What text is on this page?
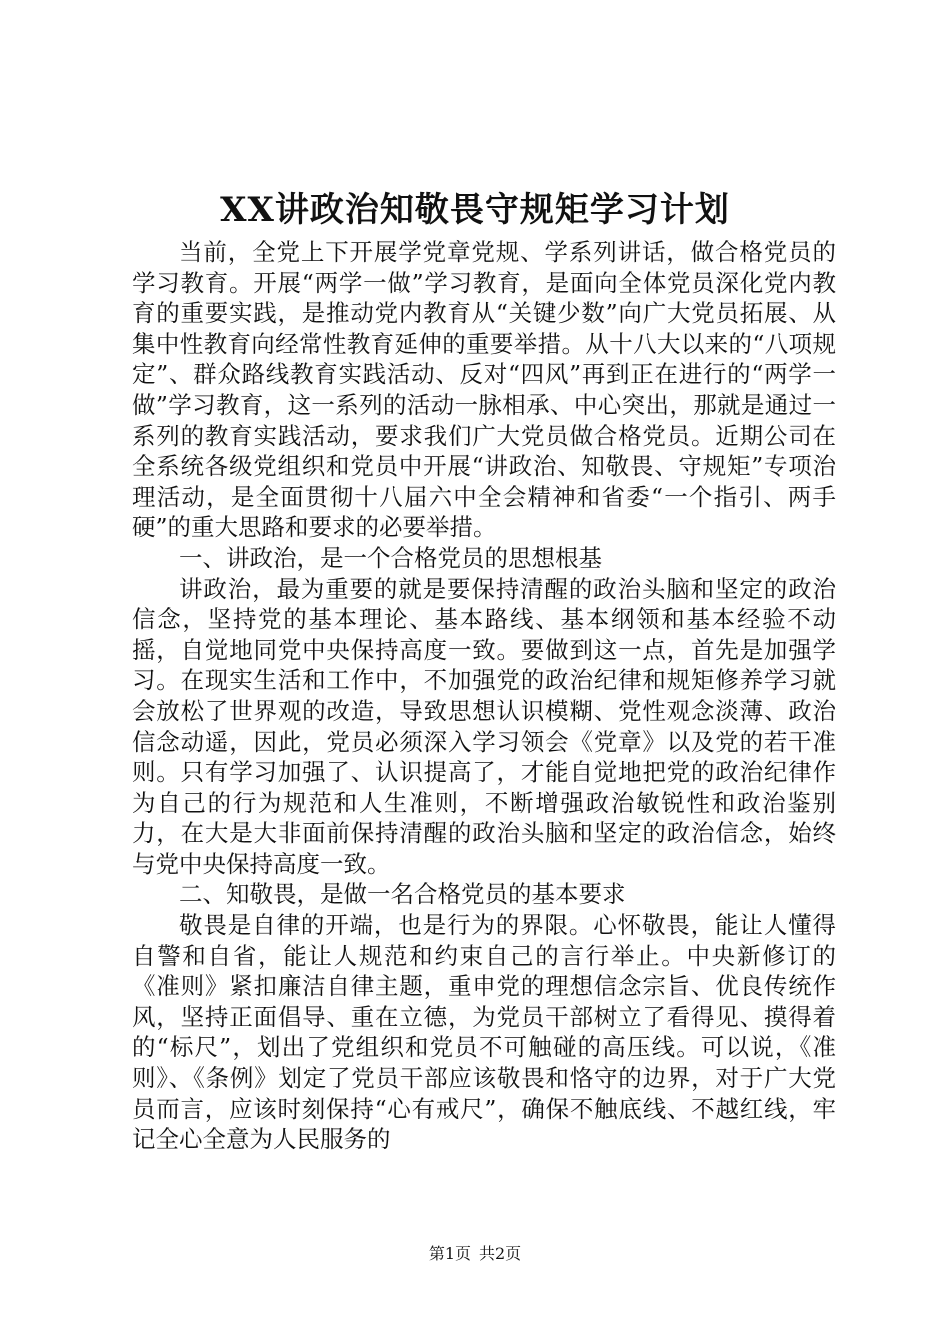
XX讲政治知敬畏守规矩学习计划

当前，全党上下开展学党章党规、学系列讲话，做合格党员的学习教育。开展“两学一做”学习教育，是面向全体党员深化党内教育的重要实践，是推动党内教育从“关键少数”向广大党员拓展、从集中性教育向经常性教育延伸的重要举措。从十八大以来的“八项规定”、群众路线教育实践活动、反对“四风”再到正在进行的“两学一做”学习教育，这一系列的活动一脉相承、中心突出，那就是通过一系列的教育实践活动，要求我们广大党员做合格党员。近期公司在全系统各级党组织和党员中开展“讲政治、知敬畏、守规矩”专项治理活动，是全面贯彻十八届六中全会精神和省委“一个指引、两手硬”的重大思路和要求的必要举措。

一、讲政治，是一个合格党员的思想根基

讲政治，最为重要的就是要保持清醒的政治头脑和坚定的政治信念，坚持党的基本理论、基本路线、基本纲领和基本经验不动摇，自觉地同党中央保持高度一致。要做到这一点，首先是加强学习。在现实生活和工作中，不加强党的政治纪律和规矩修养学习就会放松了世界观的改造，导致思想认识模糊、党性观念淡薄、政治信念动遥，因此，党员必须深入学习领会《党章》以及党的若干准则。只有学习加强了、认识提高了，才能自觉地把党的政治纪律作为自己的行为规范和人生准则，不断增强政治敏锐性和政治鉴别力，在大是大非面前保持清醒的政治头脑和坚定的政治信念，始终与党中央保持高度一致。

二、知敬畏，是做一名合格党员的基本要求

敬畏是自律的开端，也是行为的界限。心怀敬畏，能让人懂得自警和自省，能让人规范和约束自己的言行举止。中央新修订的《准则》紧扣廉洁自律主题，重申党的理想信念宗旨、优良传统作风，坚持正面倡导、重在立德，为党员干部树立了看得见、摸得着的“标尺”，划出了党组织和党员不可触碰的高压线。可以说，《准则》、《条例》划定了党员干部应该敬畏和恪守的边界，对于广大党员而言，应该时刻保持“心有戒尺”，确保不触底线、不越红线，牢记全心全意为人民服务的

第1页 共2页
